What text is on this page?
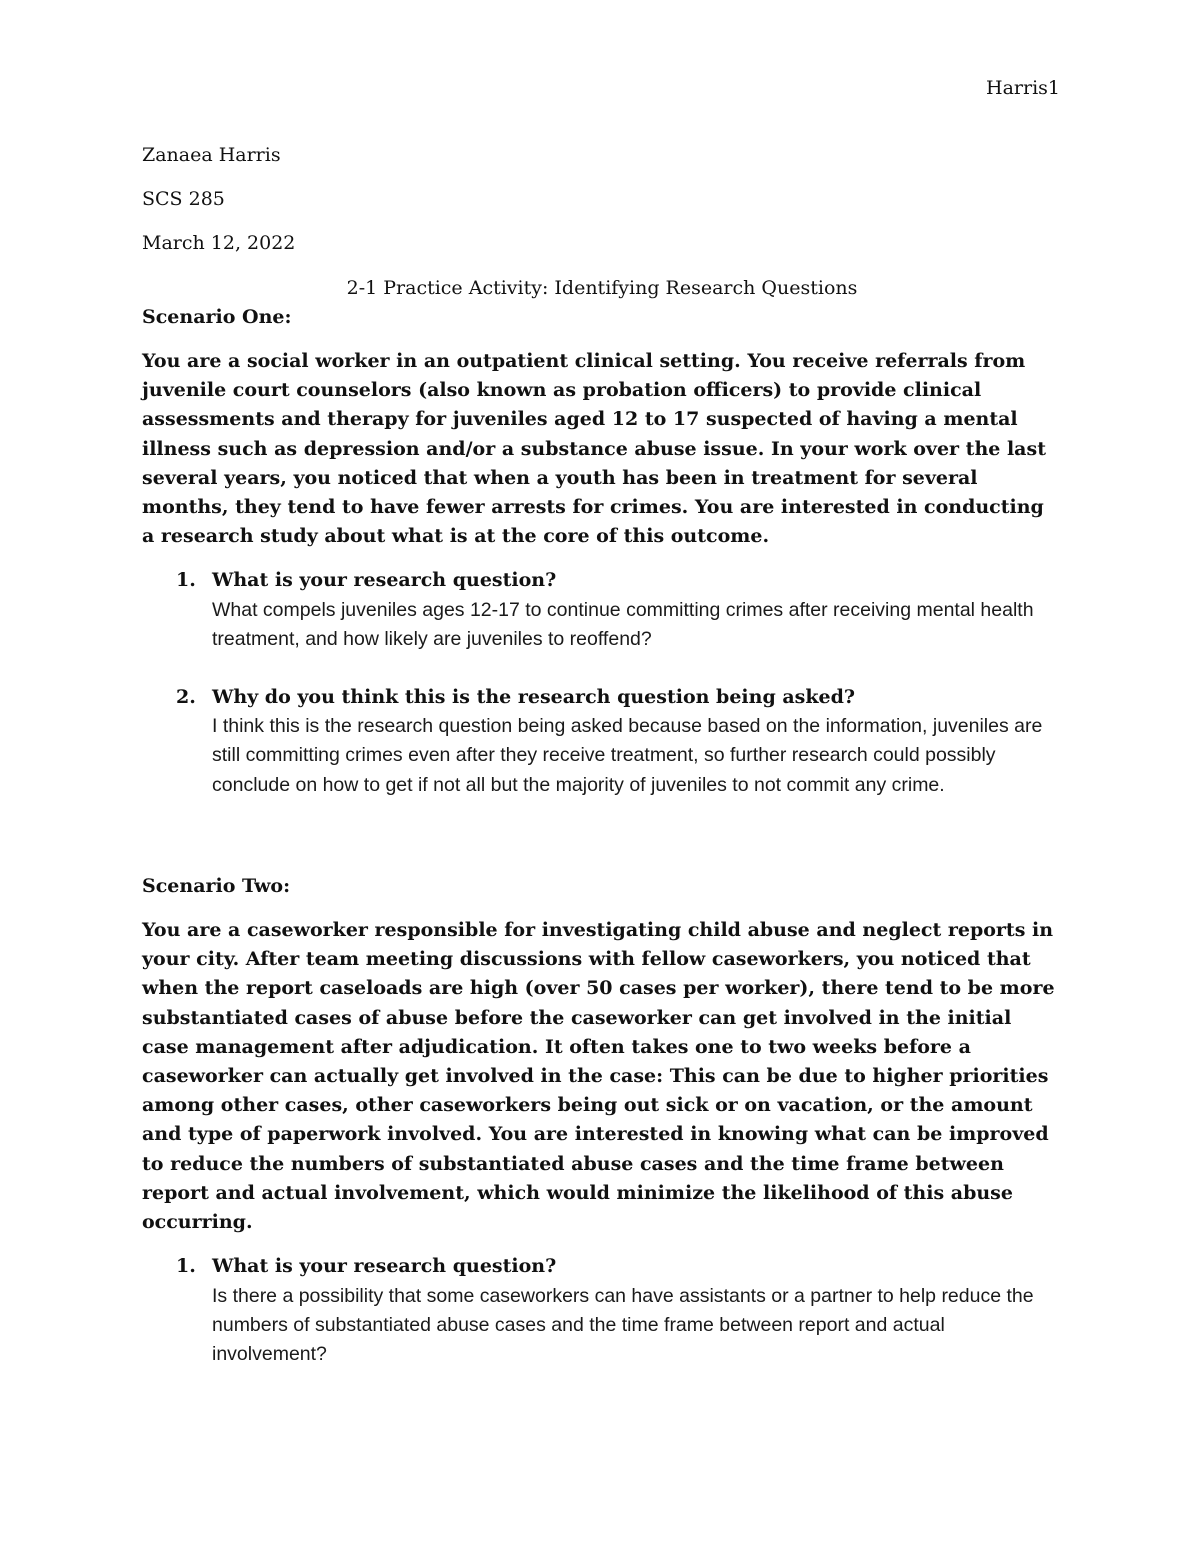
Harris1

Zanaea Harris

SCS 285

March 12, 2022

2-1 Practice Activity: Identifying Research Questions

Scenario One:

You are a social worker in an outpatient clinical setting. You receive referrals from juvenile court counselors (also known as probation officers) to provide clinical assessments and therapy for juveniles aged 12 to 17 suspected of having a mental illness such as depression and/or a substance abuse issue. In your work over the last several years, you noticed that when a youth has been in treatment for several months, they tend to have fewer arrests for crimes. You are interested in conducting a research study about what is at the core of this outcome.

1. What is your research question?
What compels juveniles ages 12-17 to continue committing crimes after receiving mental health treatment, and how likely are juveniles to reoffend?
2. Why do you think this is the research question being asked?
I think this is the research question being asked because based on the information, juveniles are still committing crimes even after they receive treatment, so further research could possibly conclude on how to get if not all but the majority of juveniles to not commit any crime.

Scenario Two:

You are a caseworker responsible for investigating child abuse and neglect reports in your city. After team meeting discussions with fellow caseworkers, you noticed that when the report caseloads are high (over 50 cases per worker), there tend to be more substantiated cases of abuse before the caseworker can get involved in the initial case management after adjudication. It often takes one to two weeks before a caseworker can actually get involved in the case: This can be due to higher priorities among other cases, other caseworkers being out sick or on vacation, or the amount and type of paperwork involved. You are interested in knowing what can be improved to reduce the numbers of substantiated abuse cases and the time frame between report and actual involvement, which would minimize the likelihood of this abuse occurring.

1. What is your research question?
Is there a possibility that some caseworkers can have assistants or a partner to help reduce the numbers of substantiated abuse cases and the time frame between report and actual involvement?
